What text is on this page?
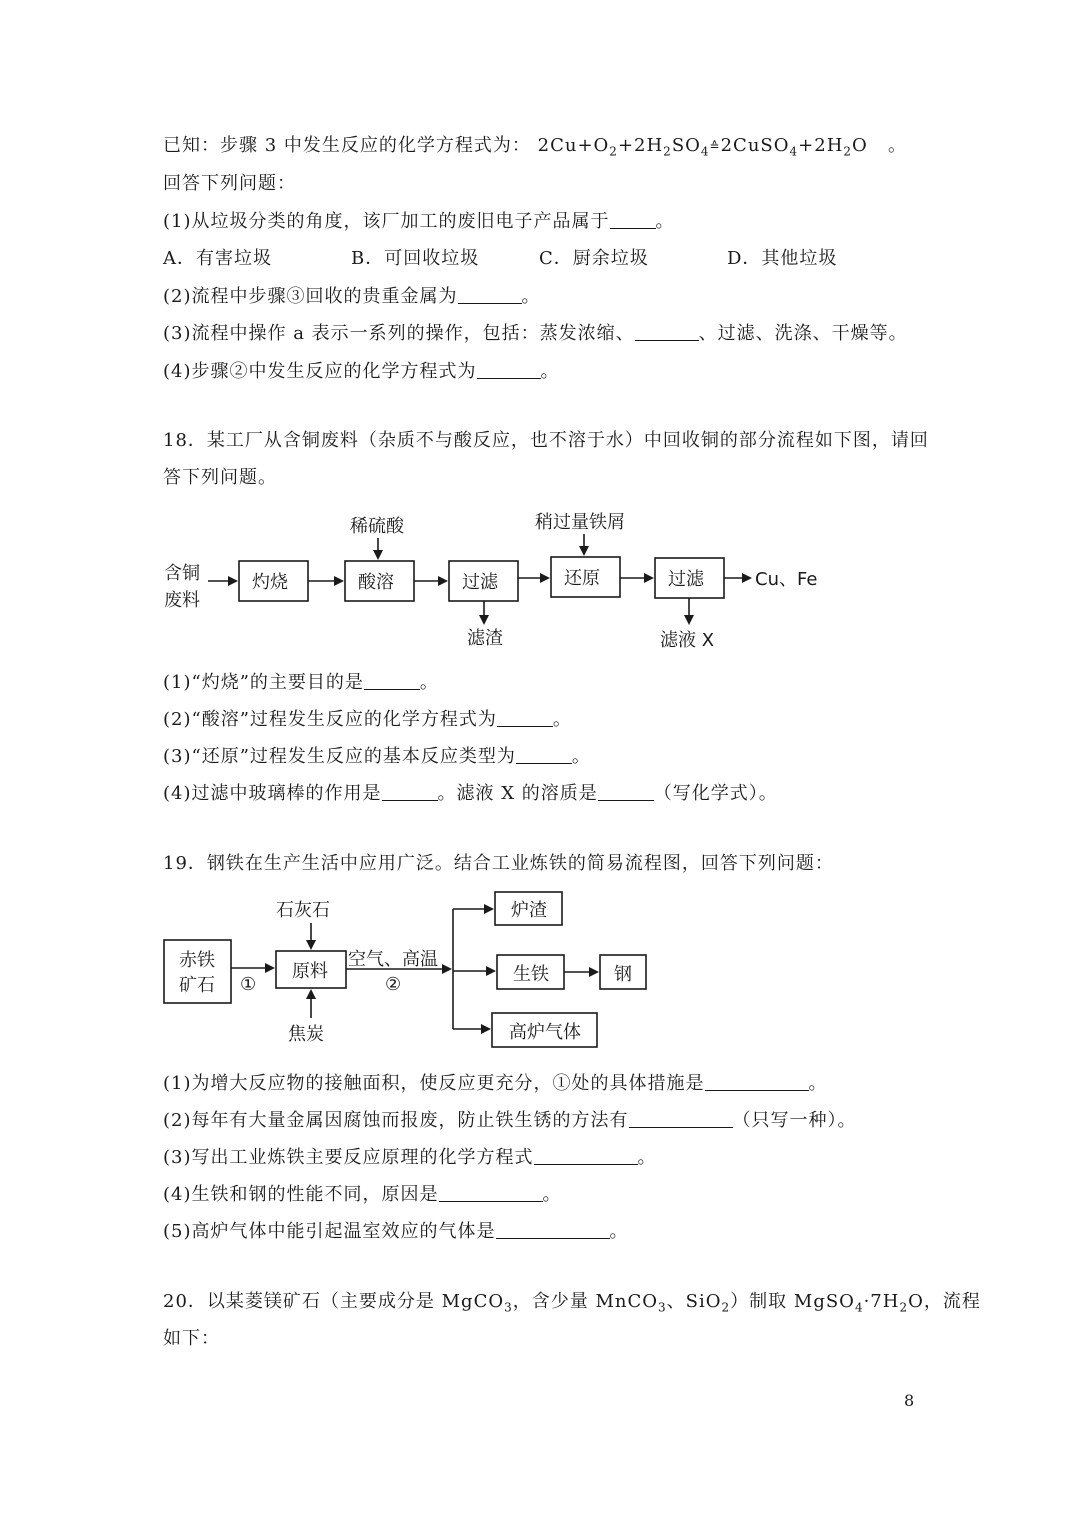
已知：步骤 3 中发生反应的化学方程式为： $2Cu+O_2+2H_2SO_4^≙2CuSO_4+2H_2O$ 。
回答下列问题：
(1)从垃圾分类的角度，该厂加工的废旧电子产品属于	。
A．有害垃圾	B．可回收垃圾	C．厨余垃圾	D．其他垃圾
(2)流程中步骤③回收的贵重金属为	。
(3)流程中操作 a 表示一系列的操作，包括：蒸发浓缩、	、过滤、洗涤、干燥等。
(4)步骤②中发生反应的化学方程式为	。
18．某工厂从含铜废料（杂质不与酸反应，也不溶于水）中回收铜的部分流程如下图，请回
答下列问题。
含铜
废料
灼烧	酸溶
稀硫酸
过滤
滤渣
还原
稍过量铁屑
过滤
滤液 X
Cu、Fe
赤铁
矿石 ①
原料
石灰石
焦炭
空气、高温
②
炉渣
生铁	钢
高炉气体
(1)“灼烧”的主要目的是	。
(2)“酸溶”过程发生反应的化学方程式为	。
(3)“还原”过程发生反应的基本反应类型为	。
(4)过滤中玻璃棒的作用是	。滤液 X 的溶质是	（写化学式）。
19．钢铁在生产生活中应用广泛。结合工业炼铁的简易流程图，回答下列问题：
(1)为增大反应物的接触面积，使反应更充分，①处的具体措施是	。
(2)每年有大量金属因腐蚀而报废，防止铁生锈的方法有	（只写一种）。
(3)写出工业炼铁主要反应原理的化学方程式	。
(4)生铁和钢的性能不同，原因是	。
(5)高炉气体中能引起温室效应的气体是	。
20．以某菱镁矿石（主要成分是 MgCO$_3$，含少量 MnCO$_3$、SiO$_2$）制取 $MgSO_4\cdot 7H_2O$，流程
如下：
8
